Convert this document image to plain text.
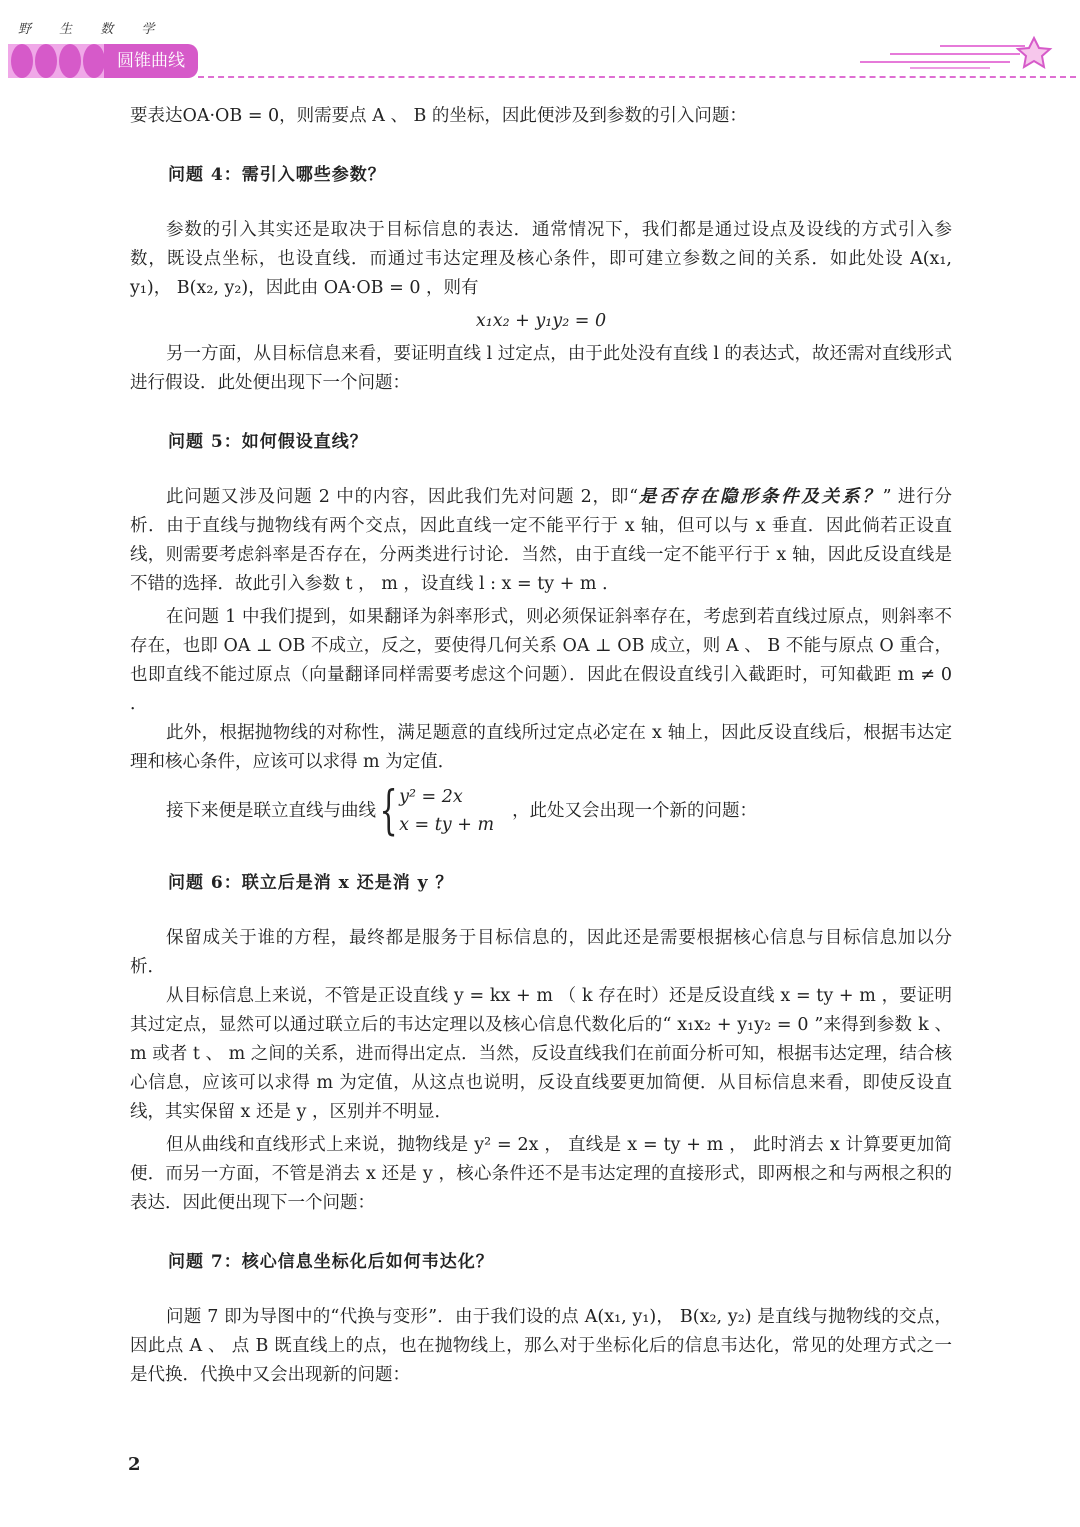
野 生 数 学
圆锥曲线

要表达OA·OB = 0，则需要点 A 、 B 的坐标，因此便涉及到参数的引入问题：

问题 4：需引入哪些参数？

参数的引入其实还是取决于目标信息的表达．通常情况下，我们都是通过设点及设线的方式引入参数，既设点坐标，也设直线．而通过韦达定理及核心条件，即可建立参数之间的关系．如此处设 A(x₁, y₁)， B(x₂, y₂)，因此由 OA·OB = 0 ，则有

x₁x₂ + y₁y₂ = 0

另一方面，从目标信息来看，要证明直线 l 过定点，由于此处没有直线 l 的表达式，故还需对直线形式进行假设．此处便出现下一个问题：

问题 5：如何假设直线？

此问题又涉及问题 2 中的内容，因此我们先对问题 2，即“是否存在隐形条件及关系？” 进行分析．由于直线与抛物线有两个交点，因此直线一定不能平行于 x 轴，但可以与 x 垂直．因此倘若正设直线，则需要考虑斜率是否存在，分两类进行讨论．当然，由于直线一定不能平行于 x 轴，因此反设直线是不错的选择．故此引入参数 t ， m ，设直线 l : x = ty + m ．

在问题 1 中我们提到，如果翻译为斜率形式，则必须保证斜率存在，考虑到若直线过原点，则斜率不存在，也即 OA ⊥ OB 不成立，反之，要使得几何关系 OA ⊥ OB 成立，则 A 、 B 不能与原点 O 重合，也即直线不能过原点（向量翻译同样需要考虑这个问题）．因此在假设直线引入截距时，可知截距 m ≠ 0 ．

此外，根据抛物线的对称性，满足题意的直线所过定点必定在 x 轴上，因此反设直线后，根据韦达定理和核心条件，应该可以求得 m 为定值．

接下来便是联立直线与曲线 { y² = 2x
x = ty + m
，此处又会出现一个新的问题：

问题 6：联立后是消 x 还是消 y ？

保留成关于谁的方程，最终都是服务于目标信息的，因此还是需要根据核心信息与目标信息加以分析．

从目标信息上来说，不管是正设直线 y = kx + m （ k 存在时）还是反设直线 x = ty + m ，要证明其过定点，显然可以通过联立后的韦达定理以及核心信息代数化后的“ x₁x₂ + y₁y₂ = 0 ”来得到参数 k 、 m 或者 t 、 m 之间的关系，进而得出定点．当然，反设直线我们在前面分析可知，根据韦达定理，结合核心信息，应该可以求得 m 为定值，从这点也说明，反设直线要更加简便．从目标信息来看，即使反设直线，其实保留 x 还是 y ，区别并不明显．

但从曲线和直线形式上来说，抛物线是 y² = 2x ， 直线是 x = ty + m ， 此时消去 x 计算要更加简便．而另一方面，不管是消去 x 还是 y ，核心条件还不是韦达定理的直接形式，即两根之和与两根之积的表达．因此便出现下一个问题：

问题 7：核心信息坐标化后如何韦达化？

问题 7 即为导图中的“代换与变形”．由于我们设的点 A(x₁, y₁)， B(x₂, y₂) 是直线与抛物线的交点，因此点 A 、 点 B 既直线上的点，也在抛物线上，那么对于坐标化后的信息韦达化，常见的处理方式之一是代换．代换中又会出现新的问题：

2
